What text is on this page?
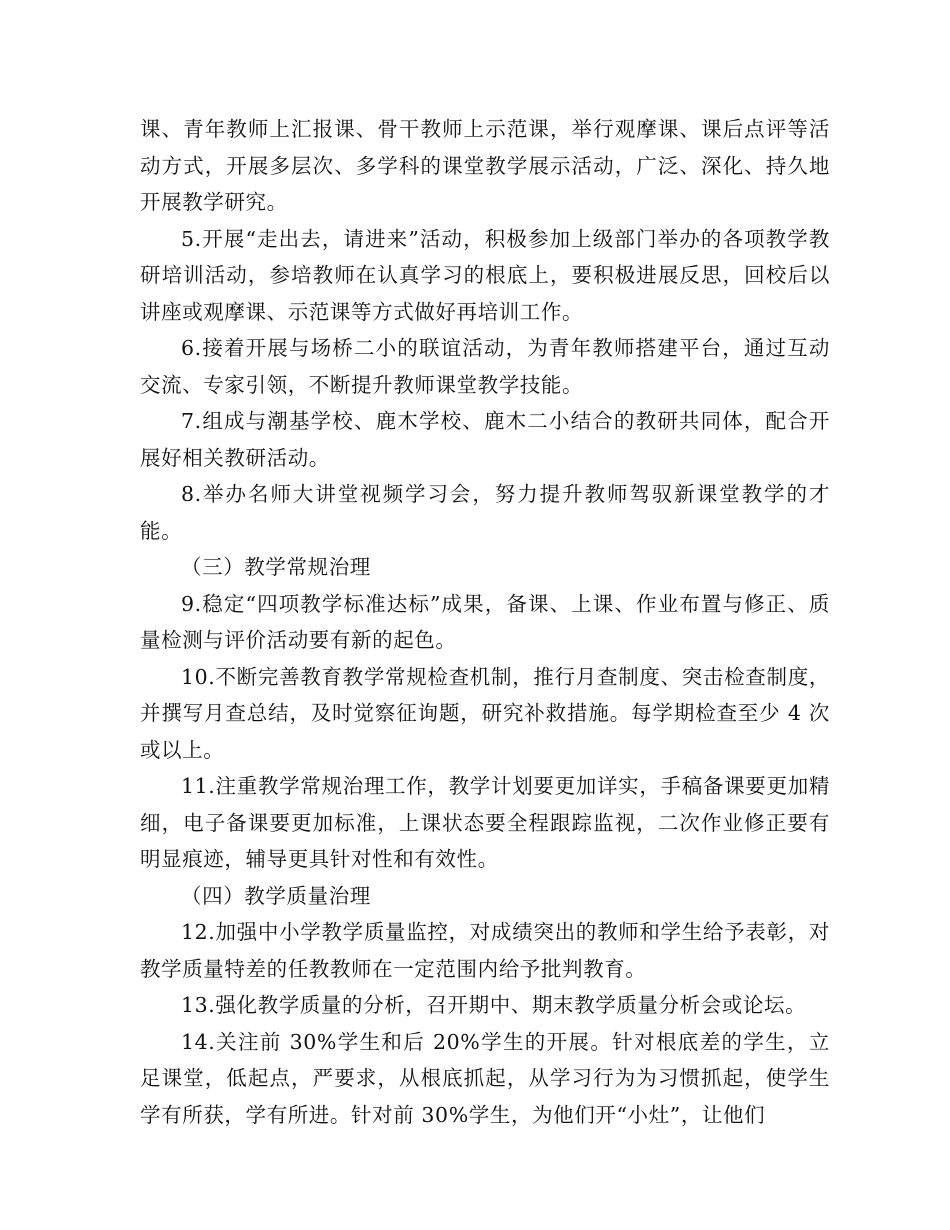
课、青年教师上汇报课、骨干教师上示范课，举行观摩课、课后点评等活动方式，开展多层次、多学科的课堂教学展示活动，广泛、深化、持久地开展教学研究。

5.开展“走出去，请进来”活动，积极参加上级部门举办的各项教学教研培训活动，参培教师在认真学习的根底上，要积极进展反思，回校后以讲座或观摩课、示范课等方式做好再培训工作。

6.接着开展与场桥二小的联谊活动，为青年教师搭建平台，通过互动交流、专家引领，不断提升教师课堂教学技能。

7.组成与潮基学校、鹿木学校、鹿木二小结合的教研共同体，配合开展好相关教研活动。

8.举办名师大讲堂视频学习会，努力提升教师驾驭新课堂教学的才能。

（三）教学常规治理

9.稳定“四项教学标准达标”成果，备课、上课、作业布置与修正、质量检测与评价活动要有新的起色。

10.不断完善教育教学常规检查机制，推行月查制度、突击检查制度，并撰写月查总结，及时觉察征询题，研究补救措施。每学期检查至少 4 次或以上。

11.注重教学常规治理工作，教学计划要更加详实，手稿备课要更加精细，电子备课要更加标准，上课状态要全程跟踪监视，二次作业修正要有明显痕迹，辅导更具针对性和有效性。

（四）教学质量治理

12.加强中小学教学质量监控，对成绩突出的教师和学生给予表彰，对教学质量特差的任教教师在一定范围内给予批判教育。

13.强化教学质量的分析，召开期中、期末教学质量分析会或论坛。

14.关注前 30%学生和后 20%学生的开展。针对根底差的学生，立足课堂，低起点，严要求，从根底抓起，从学习行为为习惯抓起，使学生学有所获，学有所进。针对前 30%学生，为他们开“小灶”，让他们
